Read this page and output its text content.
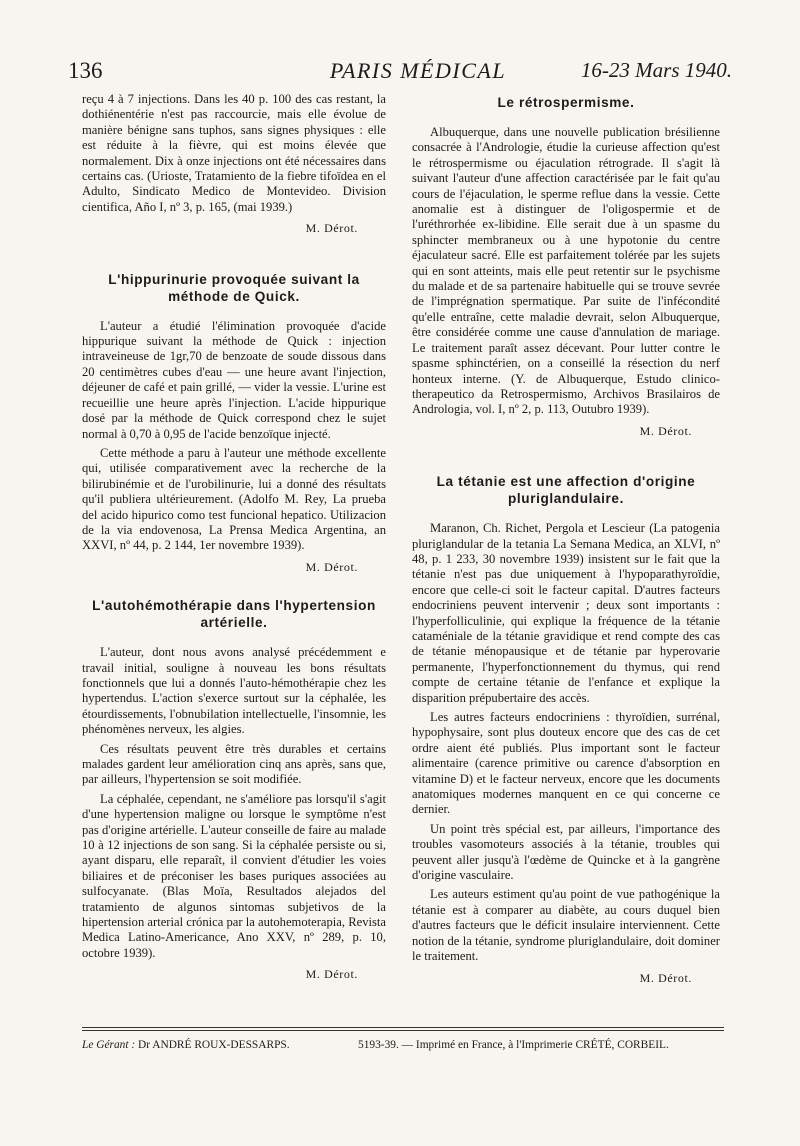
136	PARIS MÉDICAL	16-23 Mars 1940.

reçu 4 à 7 injections. Dans les 40 p. 100 des cas restant, la dothiénentérie n'est pas raccourcie, mais elle évolue de manière bénigne sans tuphos, sans signes physiques : elle est réduite à la fièvre, qui est moins élevée que normalement. Dix à onze injections ont été nécessaires dans certains cas. (Urioste, Tratamiento de la fiebre tifoïdea en el Adulto, Sindicato Medico de Montevideo. Division cientifica, Año I, nº 3, p. 165, (mai 1939.)

M. Dérot.
L'hippurinurie provoquée suivant la méthode de Quick.

L'auteur a étudié l'élimination provoquée d'acide hippurique suivant la méthode de Quick : injection intraveineuse de 1gr,70 de benzoate de soude dissous dans 20 centimètres cubes d'eau — une heure avant l'injection, déjeuner de café et pain grillé, — vider la vessie. L'urine est recueillie une heure après l'injection. L'acide hippurique dosé par la méthode de Quick correspond chez le sujet normal à 0,70 à 0,95 de l'acide benzoïque injecté.

Cette méthode a paru à l'auteur une méthode excellente qui, utilisée comparativement avec la recherche de la bilirubinémie et de l'urobilinurie, lui a donné des résultats qu'il publiera ultérieurement. (Adolfo M. Rey, La prueba del acido hipurico como test funcional hepatico. Utilizacion de la via endovenosa, La Prensa Medica Argentina, an XXVI, nº 44, p. 2 144, 1er novembre 1939).

M. Dérot.
L'autohémothérapie dans l'hypertension artérielle.

L'auteur, dont nous avons analysé précédemment e travail initial, souligne à nouveau les bons résultats fonctionnels que lui a donnés l'auto-hémothérapie chez les hypertendus. L'action s'exerce surtout sur la céphalée, les étourdissements, l'obnubilation intellectuelle, l'insomnie, les phénomènes nerveux, les algies.

Ces résultats peuvent être très durables et certains malades gardent leur amélioration cinq ans après, sans que, par ailleurs, l'hypertension se soit modifiée.

La céphalée, cependant, ne s'améliore pas lorsqu'il s'agit d'une hypertension maligne ou lorsque le symptôme n'est pas d'origine artérielle. L'auteur conseille de faire au malade 10 à 12 injections de son sang. Si la céphalée persiste ou si, ayant disparu, elle reparaît, il convient d'étudier les voies biliaires et de préconiser les bases puriques associées au sulfocyanate. (Blas Moïa, Resultados alejados del tratamiento de algunos sintomas subjetivos de la hipertension arterial crónica par la autohemoterapia, Revista Medica Latino-Americance, Ano XXV, nº 289, p. 10, octobre 1939).

M. Dérot.
Le rétrospermisme.

Albuquerque, dans une nouvelle publication brésilienne consacrée à l'Andrologie, étudie la curieuse affection qu'est le rétrospermisme ou éjaculation rétrograde. Il s'agit là suivant l'auteur d'une affection caractérisée par le fait qu'au cours de l'éjaculation, le sperme reflue dans la vessie. Cette anomalie est à distinguer de l'oligospermie et de l'uréthrorhée ex-libidine. Elle serait due à un spasme du sphincter membraneux ou à une hypotonie du centre éjaculateur sacré. Elle est parfaitement tolérée par les sujets qui en sont atteints, mais elle peut retentir sur le psychisme du malade et de sa partenaire habituelle qui se trouve sevrée de l'imprégnation spermatique. Par suite de l'infécondité qu'elle entraîne, cette maladie devrait, selon Albuquerque, être considérée comme une cause d'annulation de mariage. Le traitement paraît assez décevant. Pour lutter contre le spasme sphinctérien, on a conseillé la résection du nerf honteux interne. (Y. de Albuquerque, Estudo clinico-therapeutico da Retrospermismo, Archivos Brasilairos de Andrologia, vol. I, nº 2, p. 113, Outubro 1939).

M. Dérot.
La tétanie est une affection d'origine pluriglandulaire.

Maranon, Ch. Richet, Pergola et Lescieur (La patogenia pluriglandular de la tetania La Semana Medica, an XLVI, nº 48, p. 1 233, 30 novembre 1939) insistent sur le fait que la tétanie n'est pas due uniquement à l'hypoparathyroïdie, encore que celle-ci soit le facteur capital. D'autres facteurs endocriniens peuvent intervenir ; deux sont importants : l'hyperfolliculinie, qui explique la fréquence de la tétanie cataméniale de la tétanie gravidique et rend compte des cas de tétanie ménopausique et de tétanie par hyperovarie permanente, l'hyperfonctionnement du thymus, qui rend compte de certaine tétanie de l'enfance et explique la disparition prépubertaire des accès.

Les autres facteurs endocriniens : thyroïdien, surrénal, hypophysaire, sont plus douteux encore que des cas de cet ordre aient été publiés. Plus important sont le facteur alimentaire (carence primitive ou carence d'absorption en vitamine D) et le facteur nerveux, encore que les documents anatomiques modernes manquent en ce qui concerne ce dernier.

Un point très spécial est, par ailleurs, l'importance des troubles vasomoteurs associés à la tétanie, troubles qui peuvent aller jusqu'à l'œdème de Quincke et à la gangrène d'origine vasculaire.

Les auteurs estiment qu'au point de vue pathogénique la tétanie est à comparer au diabète, au cours duquel bien d'autres facteurs que le déficit insulaire interviennent. Cette notion de la tétanie, syndrome pluriglandulaire, doit dominer le traitement.

M. Dérot.
Le Gérant : Dr ANDRÉ ROUX-DESSARPS.	5193-39. — Imprimé en France, à l'Imprimerie CRÉTÉ, CORBEIL.
